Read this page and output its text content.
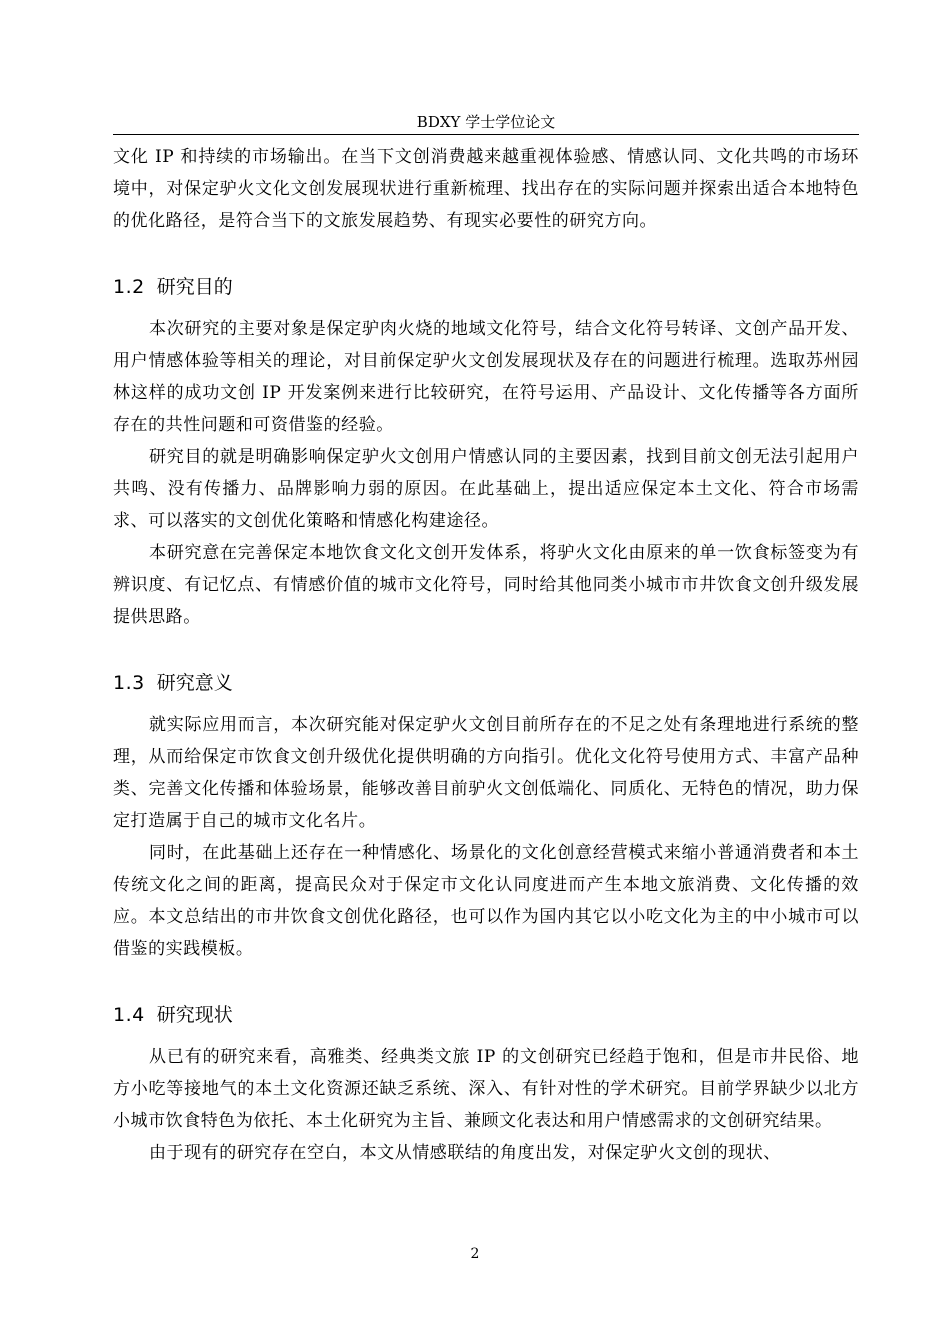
BDXY 学士学位论文

文化 IP 和持续的市场输出。在当下文创消费越来越重视体验感、情感认同、文化共鸣的市场环境中，对保定驴火文化文创发展现状进行重新梳理、找出存在的实际问题并探索出适合本地特色的优化路径，是符合当下的文旅发展趋势、有现实必要性的研究方向。

1.2 研究目的

本次研究的主要对象是保定驴肉火烧的地域文化符号，结合文化符号转译、文创产品开发、用户情感体验等相关的理论，对目前保定驴火文创发展现状及存在的问题进行梳理。选取苏州园林这样的成功文创 IP 开发案例来进行比较研究，在符号运用、产品设计、文化传播等各方面所存在的共性问题和可资借鉴的经验。

研究目的就是明确影响保定驴火文创用户情感认同的主要因素，找到目前文创无法引起用户共鸣、没有传播力、品牌影响力弱的原因。在此基础上，提出适应保定本土文化、符合市场需求、可以落实的文创优化策略和情感化构建途径。

本研究意在完善保定本地饮食文化文创开发体系，将驴火文化由原来的单一饮食标签变为有辨识度、有记忆点、有情感价值的城市文化符号，同时给其他同类小城市市井饮食文创升级发展提供思路。

1.3 研究意义

就实际应用而言，本次研究能对保定驴火文创目前所存在的不足之处有条理地进行系统的整理，从而给保定市饮食文创升级优化提供明确的方向指引。优化文化符号使用方式、丰富产品种类、完善文化传播和体验场景，能够改善目前驴火文创低端化、同质化、无特色的情况，助力保定打造属于自己的城市文化名片。

同时，在此基础上还存在一种情感化、场景化的文化创意经营模式来缩小普通消费者和本土传统文化之间的距离，提高民众对于保定市文化认同度进而产生本地文旅消费、文化传播的效应。本文总结出的市井饮食文创优化路径，也可以作为国内其它以小吃文化为主的中小城市可以借鉴的实践模板。

1.4 研究现状

从已有的研究来看，高雅类、经典类文旅 IP 的文创研究已经趋于饱和，但是市井民俗、地方小吃等接地气的本土文化资源还缺乏系统、深入、有针对性的学术研究。目前学界缺少以北方小城市饮食特色为依托、本土化研究为主旨、兼顾文化表达和用户情感需求的文创研究结果。

由于现有的研究存在空白，本文从情感联结的角度出发，对保定驴火文创的现状、

2
